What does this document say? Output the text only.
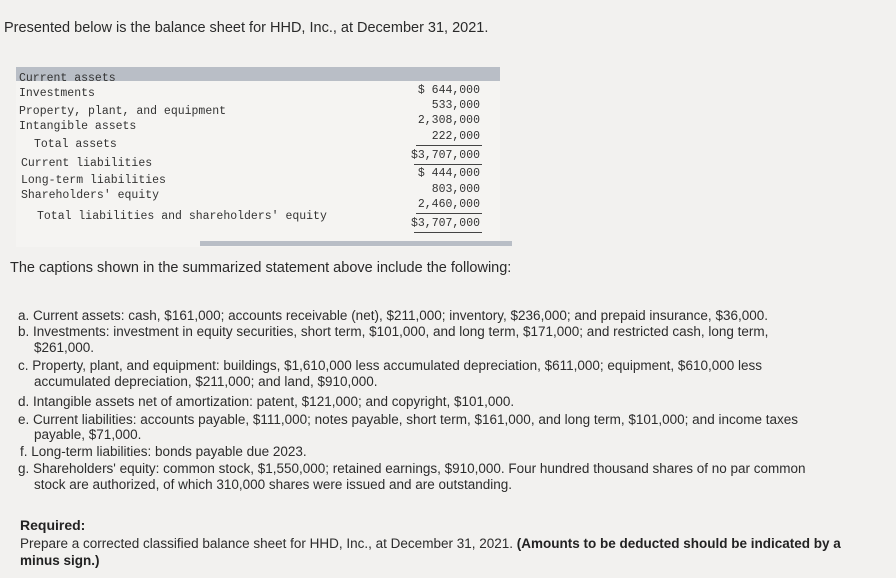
Presented below is the balance sheet for HHD, Inc., at December 31, 2021.
Current assets
Investments
Property, plant, and equipment
Intangible assets
Total assets
Current liabilities
Long-term liabilities
Shareholders' equity
Total liabilities and shareholders' equity
$ 644,000
533,000
2,308,000
222,000
$3,707,000
$ 444,000
803,000
2,460,000
$3,707,000
The captions shown in the summarized statement above include the following:
a. Current assets: cash, $161,000; accounts receivable (net), $211,000; inventory, $236,000; and prepaid insurance, $36,000.
b. Investments: investment in equity securities, short term, $101,000, and long term, $171,000; and restricted cash, long term,
$261,000.
c. Property, plant, and equipment: buildings, $1,610,000 less accumulated depreciation, $611,000; equipment, $610,000 less
accumulated depreciation, $211,000; and land, $910,000.
d. Intangible assets net of amortization: patent, $121,000; and copyright, $101,000.
e. Current liabilities: accounts payable, $111,000; notes payable, short term, $161,000, and long term, $101,000; and income taxes
payable, $71,000.
f. Long-term liabilities: bonds payable due 2023.
g. Shareholders' equity: common stock, $1,550,000; retained earnings, $910,000. Four hundred thousand shares of no par common
stock are authorized, of which 310,000 shares were issued and are outstanding.
Required:
Prepare a corrected classified balance sheet for HHD, Inc., at December 31, 2021. (Amounts to be deducted should be indicated by a minus sign.)
